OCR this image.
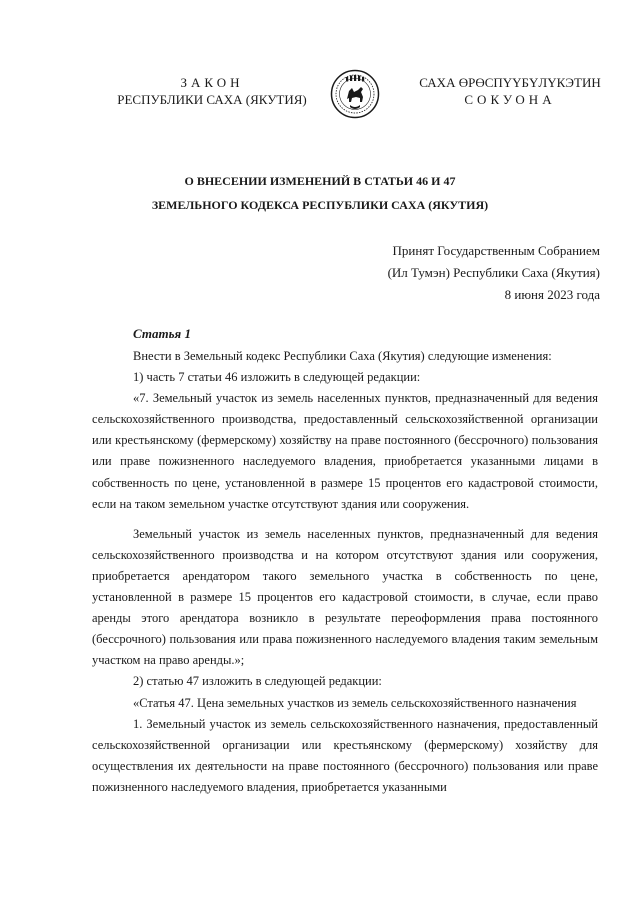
ЗАКОН
РЕСПУБЛИКИ САХА (ЯКУТИЯ)
САХА ӨРӨСПҮҮБҮЛҮКЭТИН
СОКУОНА
О ВНЕСЕНИИ ИЗМЕНЕНИЙ В СТАТЬИ 46 И 47
ЗЕМЕЛЬНОГО КОДЕКСА РЕСПУБЛИКИ САХА (ЯКУТИЯ)
Принят Государственным Собранием
(Ил Тумэн) Республики Саха (Якутия)
8 июня 2023 года
Статья 1

Внести в Земельный кодекс Республики Саха (Якутия) следующие изменения:

1) часть 7 статьи 46 изложить в следующей редакции:

«7. Земельный участок из земель населенных пунктов, предназначенный для ведения сельскохозяйственного производства, предоставленный сельскохозяйственной организации или крестьянскому (фермерскому) хозяйству на праве постоянного (бессрочного) пользования или праве пожизненного наследуемого владения, приобретается указанными лицами в собственность по цене, установленной в размере 15 процентов его кадастровой стоимости, если на таком земельном участке отсутствуют здания или сооружения.

Земельный участок из земель населенных пунктов, предназначенный для ведения сельскохозяйственного производства и на котором отсутствуют здания или сооружения, приобретается арендатором такого земельного участка в собственность по цене, установленной в размере 15 процентов его кадастровой стоимости, в случае, если право аренды этого арендатора возникло в результате переоформления права постоянного (бессрочного) пользования или права пожизненного наследуемого владения таким земельным участком на право аренды.»;

2) статью 47 изложить в следующей редакции:

«Статья 47. Цена земельных участков из земель сельскохозяйственного назначения

1. Земельный участок из земель сельскохозяйственного назначения, предоставленный сельскохозяйственной организации или крестьянскому (фермерскому) хозяйству для осуществления их деятельности на праве постоянного (бессрочного) пользования или праве пожизненного наследуемого владения, приобретается указанными
